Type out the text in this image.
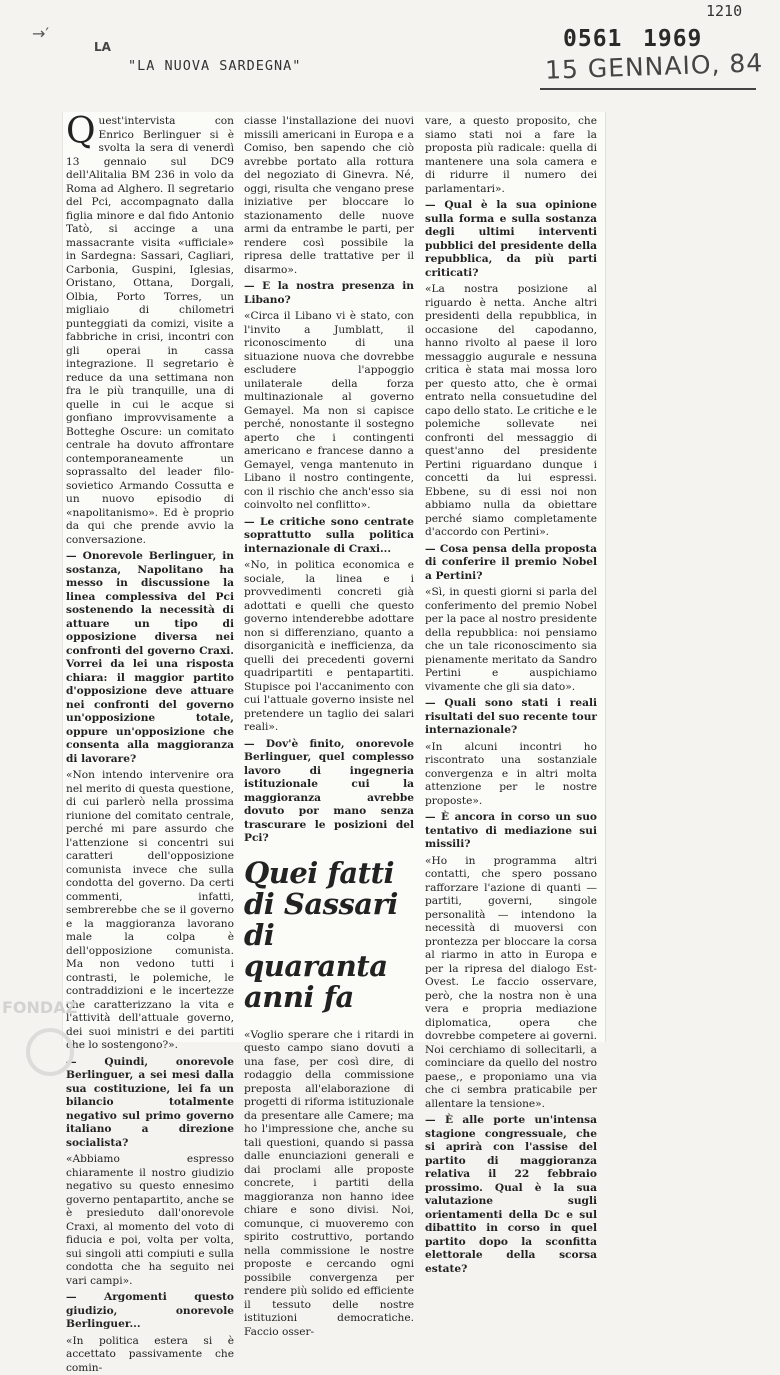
→′
1210
0561 1969
15 GENNAIO, 84
LA
"LA NUOVA SARDEGNA"

Quest'intervista con Enrico Berlinguer si è svolta la sera di venerdì 13 gennaio sul DC9 dell'Alitalia BM 236 in volo da Roma ad Alghero. Il segretario del Pci, accompagnato dalla figlia minore e dal fido Antonio Tatò, si accinge a una massacrante visita «ufficiale» in Sardegna: Sassari, Cagliari, Carbonia, Guspini, Iglesias, Oristano, Ottana, Dorgali, Olbia, Porto Torres, un migliaio di chilometri punteggiati da comizi, visite a fabbriche in crisi, incontri con gli operai in cassa integrazione. Il segretario è reduce da una settimana non fra le più tranquille, una di quelle in cui le acque si gonfiano improvvisamente a Botteghe Oscure: un comitato centrale ha dovuto affrontare contemporaneamente un soprassalto del leader filo-sovietico Armando Cossutta e un nuovo episodio di «napolitanismo». Ed è proprio da qui che prende avvio la conversazione.

— Onorevole Berlinguer, in sostanza, Napolitano ha messo in discussione la linea complessiva del Pci sostenendo la necessità di attuare un tipo di opposizione diversa nei confronti del governo Craxi. Vorrei da lei una risposta chiara: il maggior partito d'opposizione deve attuare nei confronti del governo un'opposizione totale, oppure un'opposizione che consenta alla maggioranza di lavorare?

«Non intendo intervenire ora nel merito di questa questione, di cui parlerò nella prossima riunione del comitato centrale, perché mi pare assurdo che l'attenzione si concentri sui caratteri dell'opposizione comunista invece che sulla condotta del governo. Da certi commenti, infatti, sembrerebbe che se il governo e la maggioranza lavorano male la colpa è dell'opposizione comunista. Ma non vedono tutti i contrasti, le polemiche, le contraddizioni e le incertezze che caratterizzano la vita e l'attività dell'attuale governo, dei suoi ministri e dei partiti che lo sostengono?».

— Quindi, onorevole Berlinguer, a sei mesi dalla sua costituzione, lei fa un bilancio totalmente negativo sul primo governo italiano a direzione socialista?

«Abbiamo espresso chiaramente il nostro giudizio negativo su questo ennesimo governo pentapartito, anche se è presieduto dall'onorevole Craxi, al momento del voto di fiducia e poi, volta per volta, sui singoli atti compiuti e sulla condotta che ha seguito nei vari campi».

— Argomenti questo giudizio, onorevole Berlinguer...

«In politica estera si è accettato passivamente che comin-

ciasse l'installazione dei nuovi missili americani in Europa e a Comiso, ben sapendo che ciò avrebbe portato alla rottura del negoziato di Ginevra. Né, oggi, risulta che vengano prese iniziative per bloccare lo stazionamento delle nuove armi da entrambe le parti, per rendere così possibile la ripresa delle trattative per il disarmo».

— E la nostra presenza in Libano?

«Circa il Libano vi è stato, con l'invito a Jumblatt, il riconoscimento di una situazione nuova che dovrebbe escludere l'appoggio unilaterale della forza multinazionale al governo Gemayel. Ma non si capisce perché, nonostante il sostegno aperto che i contingenti americano e francese danno a Gemayel, venga mantenuto in Libano il nostro contingente, con il rischio che anch'esso sia coinvolto nel conflitto».

— Le critiche sono centrate soprattutto sulla politica internazionale di Craxi...

«No, in politica economica e sociale, la linea e i provvedimenti concreti già adottati e quelli che questo governo intenderebbe adottare non si differenziano, quanto a disorganicità e inefficienza, da quelli dei precedenti governi quadripartiti e pentapartiti. Stupisce poi l'accanimento con cui l'attuale governo insiste nel pretendere un taglio dei salari reali».

— Dov'è finito, onorevole Berlinguer, quel complesso lavoro di ingegneria istituzionale cui la maggioranza avrebbe dovuto por mano senza trascurare le posizioni del Pci?

Quei fatti
di Sassari
di quaranta
anni fa

«Voglio sperare che i ritardi in questo campo siano dovuti a una fase, per così dire, di rodaggio della commissione preposta all'elaborazione di progetti di riforma istituzionale da presentare alle Camere; ma ho l'impressione che, anche su tali questioni, quando si passa dalle enunciazioni generali e dai proclami alle proposte concrete, i partiti della maggioranza non hanno idee chiare e sono divisi. Noi, comunque, ci muoveremo con spirito costruttivo, portando nella commissione le nostre proposte e cercando ogni possibile convergenza per rendere più solido ed efficiente il tessuto delle nostre istituzioni democratiche. Faccio osser-

vare, a questo proposito, che siamo stati noi a fare la proposta più radicale: quella di mantenere una sola camera e di ridurre il numero dei parlamentari».

— Qual è la sua opinione sulla forma e sulla sostanza degli ultimi interventi pubblici del presidente della repubblica, da più parti criticati?

«La nostra posizione al riguardo è netta. Anche altri presidenti della repubblica, in occasione del capodanno, hanno rivolto al paese il loro messaggio augurale e nessuna critica è stata mai mossa loro per questo atto, che è ormai entrato nella consuetudine del capo dello stato. Le critiche e le polemiche sollevate nei confronti del messaggio di quest'anno del presidente Pertini riguardano dunque i concetti da lui espressi. Ebbene, su di essi noi non abbiamo nulla da obiettare perché siamo completamente d'accordo con Pertini».

— Cosa pensa della proposta di conferire il premio Nobel a Pertini?

«Sì, in questi giorni si parla del conferimento del premio Nobel per la pace al nostro presidente della repubblica: noi pensiamo che un tale riconoscimento sia pienamente meritato da Sandro Pertini e auspichiamo vivamente che gli sia dato».

— Quali sono stati i reali risultati del suo recente tour internazionale?

«In alcuni incontri ho riscontrato una sostanziale convergenza e in altri molta attenzione per le nostre proposte».

— È ancora in corso un suo tentativo di mediazione sui missili?

«Ho in programma altri contatti, che spero possano rafforzare l'azione di quanti — partiti, governi, singole personalità — intendono la necessità di muoversi con prontezza per bloccare la corsa al riarmo in atto in Europa e per la ripresa del dialogo Est-Ovest. Le faccio osservare, però, che la nostra non è una vera e propria mediazione diplomatica, opera che dovrebbe competere ai governi. Noi cerchiamo di sollecitarli, a cominciare da quello del nostro paese,, e proponiamo una via che ci sembra praticabile per allentare la tensione».

— È alle porte un'intensa stagione congressuale, che si aprirà con l'assise del partito di maggioranza relativa il 22 febbraio prossimo. Qual è la sua valutazione sugli orientamenti della Dc e sul dibattito in corso in quel partito dopo la sconfitta elettorale della scorsa estate?

FONDAZ
